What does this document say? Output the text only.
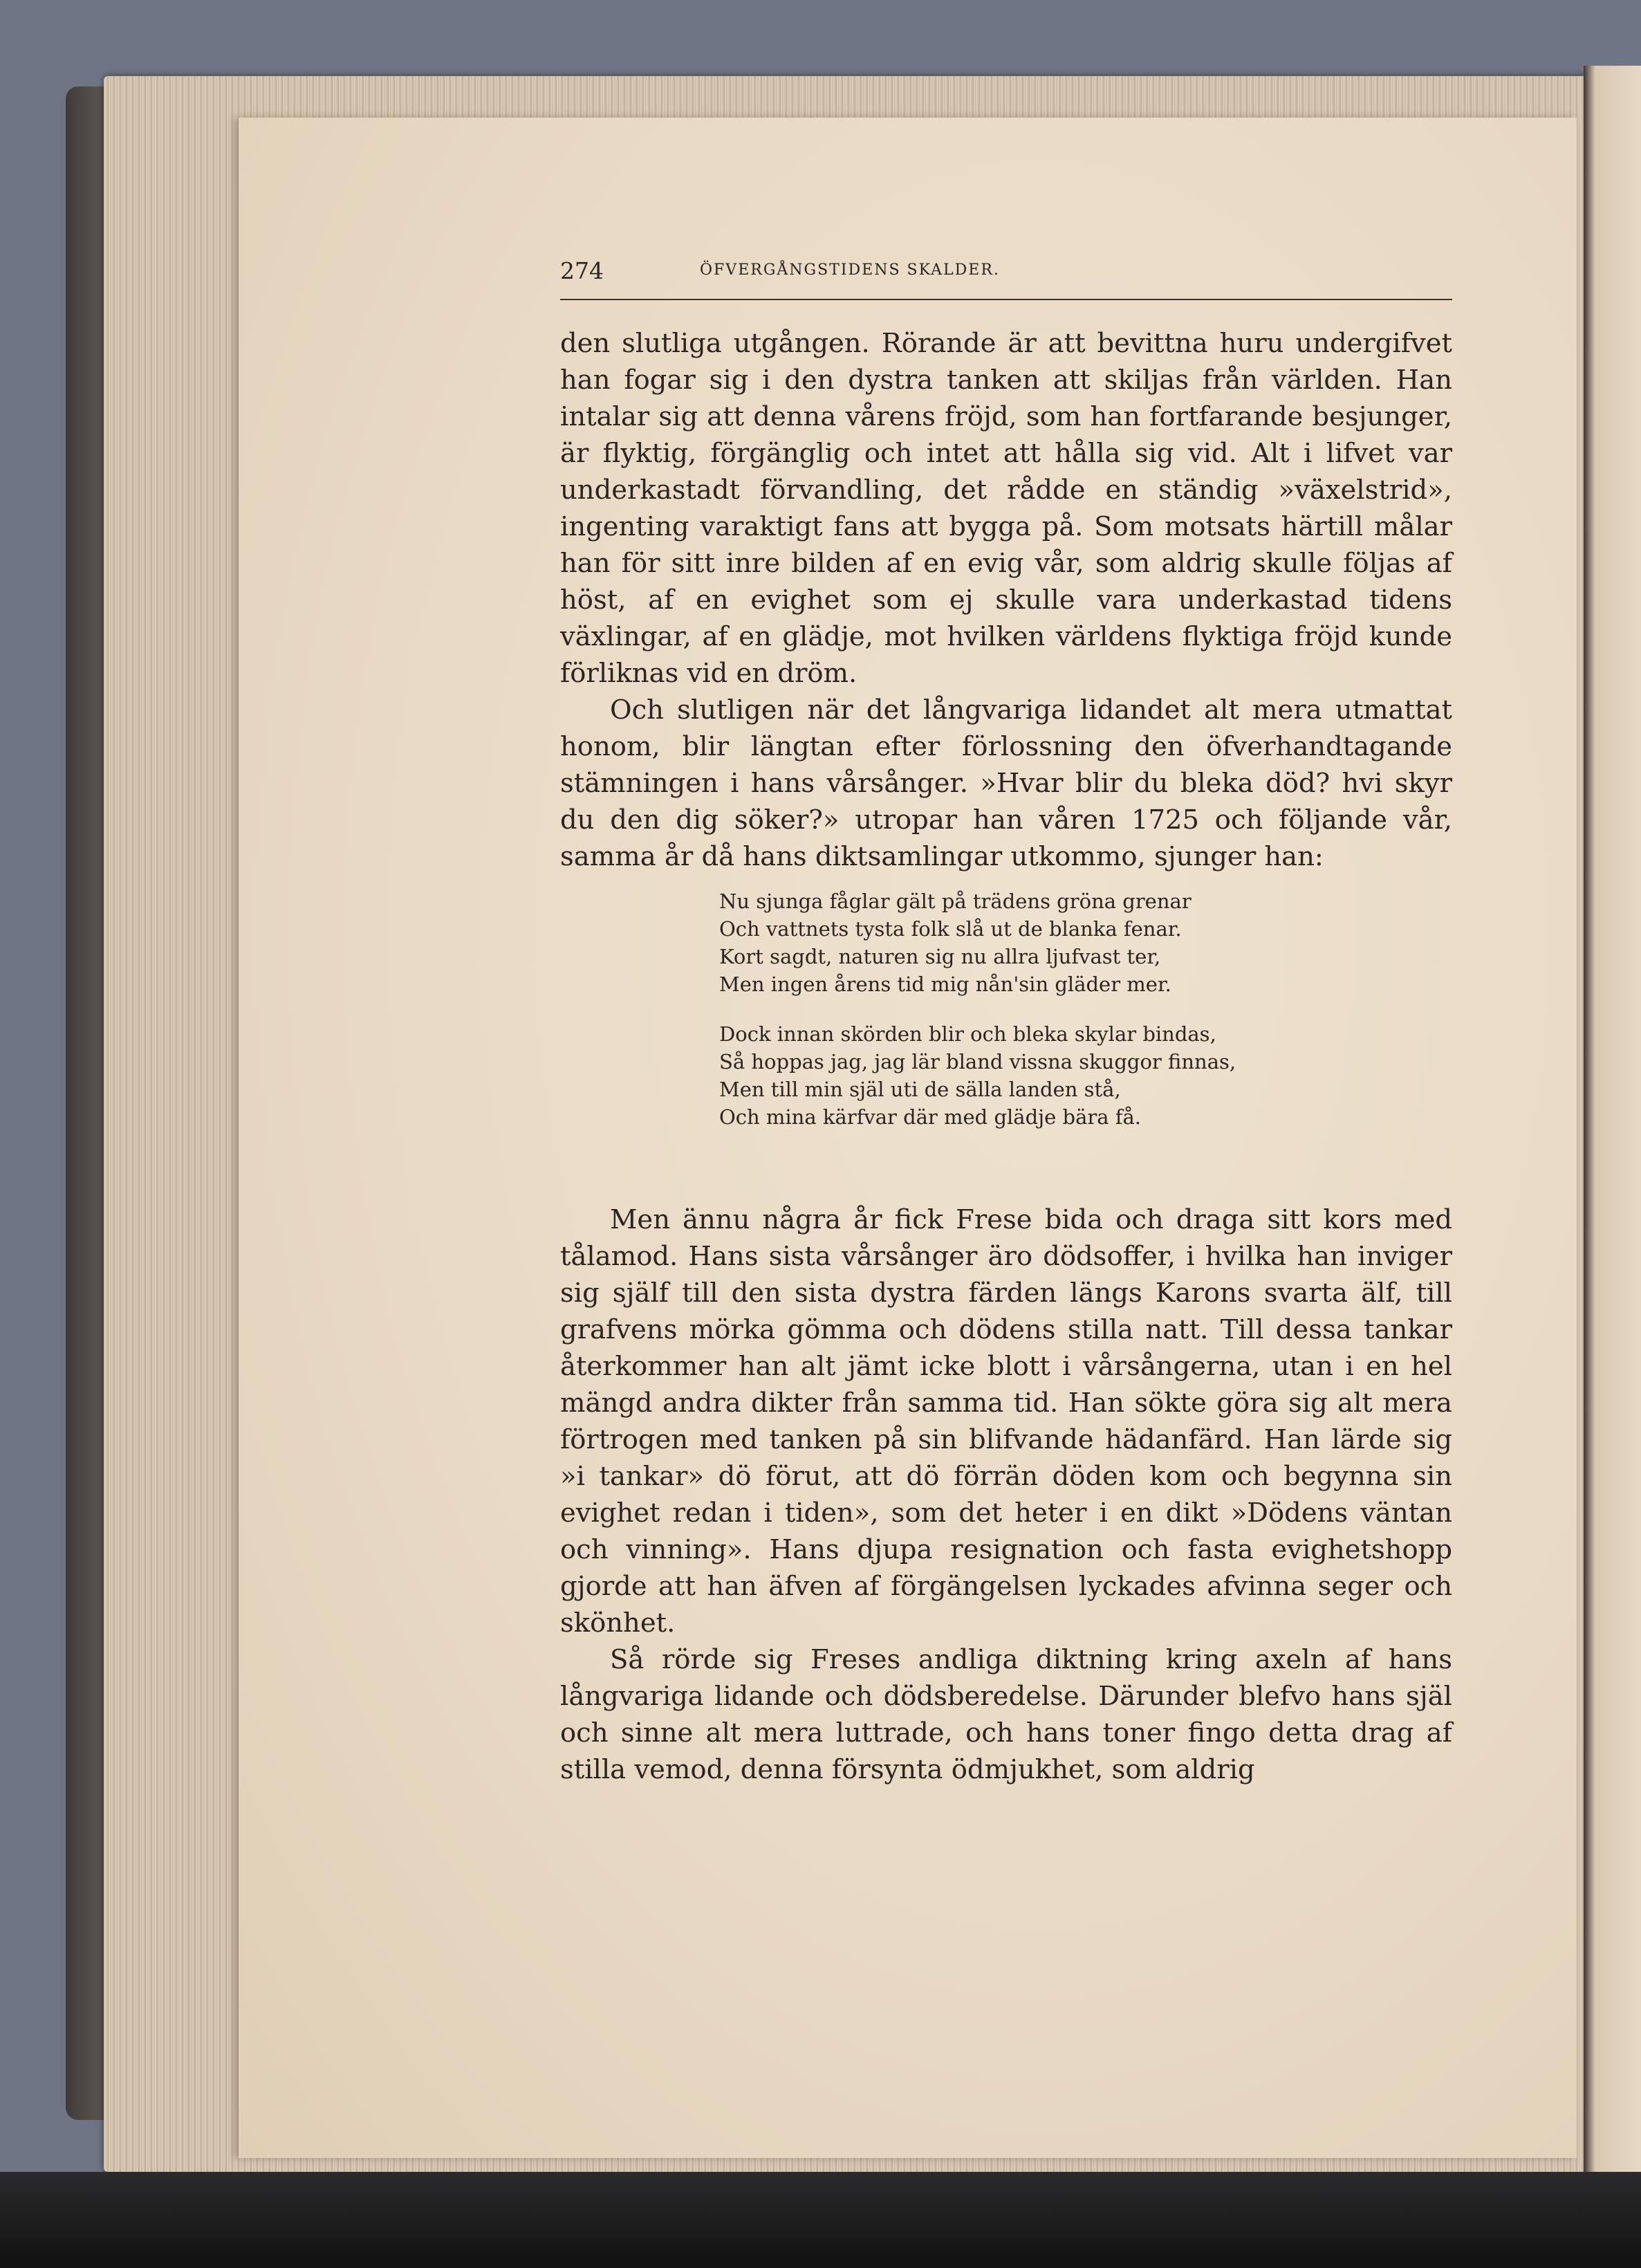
274	ÖFVERGÅNGSTIDENS SKALDER.

den slutliga utgången. Rörande är att bevittna huru undergifvet han fogar sig i den dystra tanken att skiljas från världen. Han intalar sig att denna vårens fröjd, som han fortfarande besjunger, är flyktig, förgänglig och intet att hålla sig vid. Alt i lifvet var underkastadt förvandling, det rådde en ständig »växelstrid», ingenting varaktigt fans att bygga på. Som motsats härtill målar han för sitt inre bilden af en evig vår, som aldrig skulle följas af höst, af en evighet som ej skulle vara underkastad tidens växlingar, af en glädje, mot hvilken världens flyktiga fröjd kunde förliknas vid en dröm.

Och slutligen när det långvariga lidandet alt mera utmattat honom, blir längtan efter förlossning den öfverhandtagande stämningen i hans vårsånger. »Hvar blir du bleka död? hvi skyr du den dig söker?» utropar han våren 1725 och följande vår, samma år då hans diktsamlingar utkommo, sjunger han:

Nu sjunga fåglar gält på trädens gröna grenar
Och vattnets tysta folk slå ut de blanka fenar.
Kort sagdt, naturen sig nu allra ljufvast ter,
Men ingen årens tid mig nån'sin gläder mer.
Dock innan skörden blir och bleka skylar bindas,
Så hoppas jag, jag lär bland vissna skuggor finnas,
Men till min själ uti de sälla landen stå,
Och mina kärfvar där med glädje bära få.

Men ännu några år fick Frese bida och draga sitt kors med tålamod. Hans sista vårsånger äro dödsoffer, i hvilka han inviger sig själf till den sista dystra färden längs Karons svarta älf, till grafvens mörka gömma och dödens stilla natt. Till dessa tankar återkommer han alt jämt icke blott i vårsångerna, utan i en hel mängd andra dikter från samma tid. Han sökte göra sig alt mera förtrogen med tanken på sin blifvande hädanfärd. Han lärde sig »i tankar» dö förut, att dö förrän döden kom och begynna sin evighet redan i tiden», som det heter i en dikt »Dödens väntan och vinning». Hans djupa resignation och fasta evighetshopp gjorde att han äfven af förgängelsen lyckades afvinna seger och skönhet.

Så rörde sig Freses andliga diktning kring axeln af hans långvariga lidande och dödsberedelse. Därunder blefvo hans själ och sinne alt mera luttrade, och hans toner fingo detta drag af stilla vemod, denna försynta ödmjukhet, som aldrig
